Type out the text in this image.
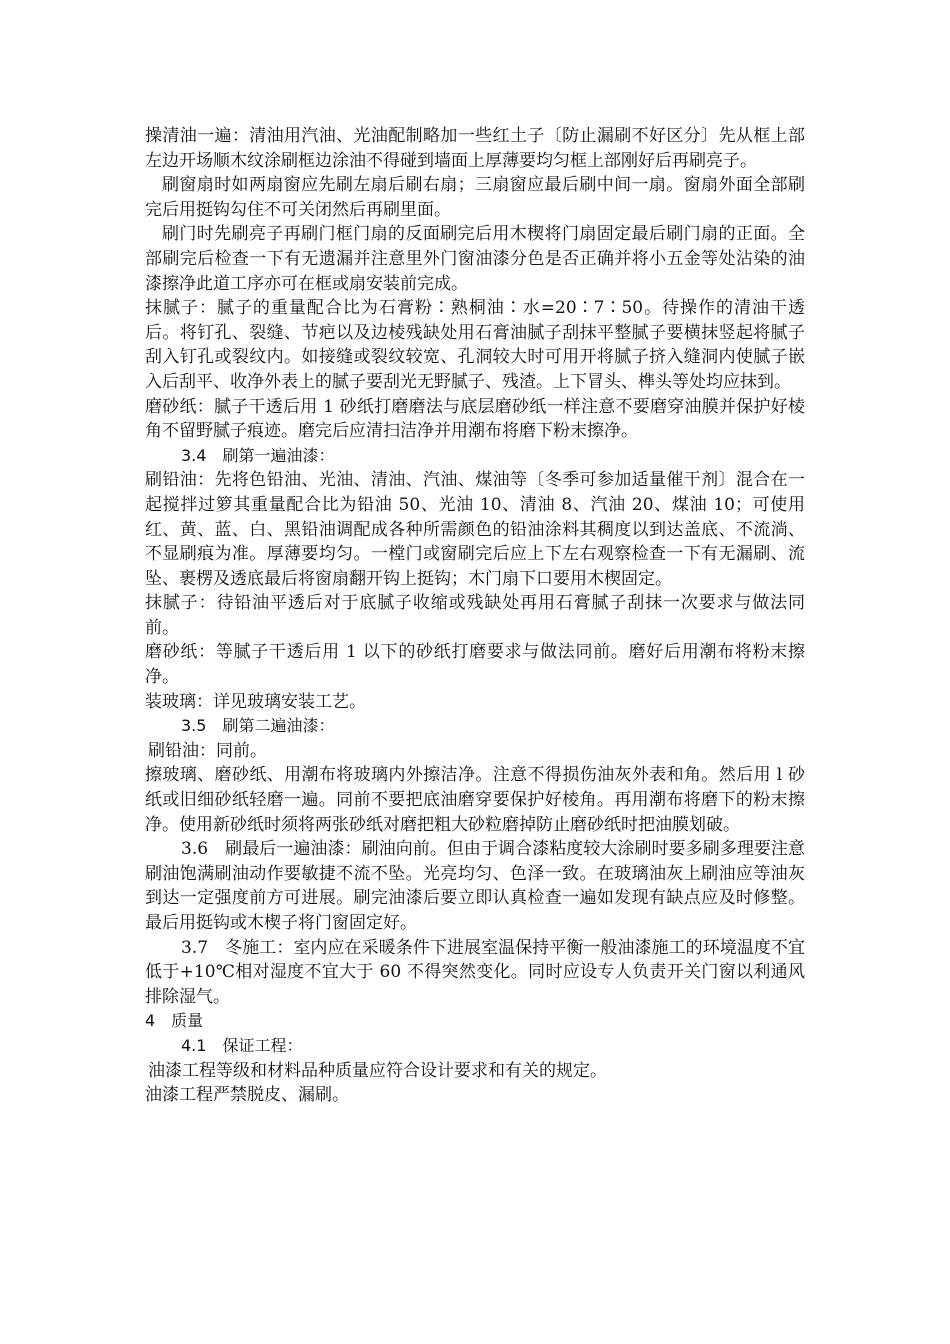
操清油一遍：清油用汽油、光油配制略加一些红土子〔防止漏刷不好区分〕先从框上部左边开场顺木纹涂刷框边涂油不得碰到墙面上厚薄要均匀框上部刚好后再刷亮子。

刷窗扇时如两扇窗应先刷左扇后刷右扇；三扇窗应最后刷中间一扇。窗扇外面全部刷完后用挺钩勾住不可关闭然后再刷里面。

刷门时先刷亮子再刷门框门扇的反面刷完后用木楔将门扇固定最后刷门扇的正面。全部刷完后检查一下有无遗漏并注意里外门窗油漆分色是否正确并将小五金等处沾染的油漆擦净此道工序亦可在框或扇安装前完成。

抹腻子：腻子的重量配合比为石膏粉∶熟桐油∶水=20∶7∶50。待操作的清油干透后。将钉孔、裂缝、节疤以及边棱残缺处用石膏油腻子刮抹平整腻子要横抹竖起将腻子刮入钉孔或裂纹内。如接缝或裂纹较宽、孔洞较大时可用开将腻子挤入缝洞内使腻子嵌入后刮平、收净外表上的腻子要刮光无野腻子、残渣。上下冒头、榫头等处均应抹到。

磨砂纸：腻子干透后用 1 砂纸打磨磨法与底层磨砂纸一样注意不要磨穿油膜并保护好棱角不留野腻子痕迹。磨完后应清扫洁净并用潮布将磨下粉末擦净。

3.4　刷第一遍油漆：

刷铅油：先将色铅油、光油、清油、汽油、煤油等〔冬季可参加适量催干剂〕混合在一起搅拌过箩其重量配合比为铅油 50、光油 10、清油 8、汽油 20、煤油 10；可使用红、黄、蓝、白、黑铅油调配成各种所需颜色的铅油涂料其稠度以到达盖底、不流淌、不显刷痕为准。厚薄要均匀。一樘门或窗刷完后应上下左右观察检查一下有无漏刷、流坠、裹楞及透底最后将窗扇翻开钩上挺钩；木门扇下口要用木楔固定。

抹腻子：待铅油平透后对于底腻子收缩或残缺处再用石膏腻子刮抹一次要求与做法同前。

磨砂纸：等腻子干透后用 1 以下的砂纸打磨要求与做法同前。磨好后用潮布将粉末擦净。

装玻璃：详见玻璃安装工艺。

3.5　刷第二遍油漆：

刷铅油：同前。

擦玻璃、磨砂纸、用潮布将玻璃内外擦洁净。注意不得损伤油灰外表和角。然后用 l 砂纸或旧细砂纸轻磨一遍。同前不要把底油磨穿要保护好棱角。再用潮布将磨下的粉末擦净。使用新砂纸时须将两张砂纸对磨把粗大砂粒磨掉防止磨砂纸时把油膜划破。

3.6　刷最后一遍油漆：刷油向前。但由于调合漆粘度较大涂刷时要多刷多理要注意刷油饱满刷油动作要敏捷不流不坠。光亮均匀、色泽一致。在玻璃油灰上刷油应等油灰到达一定强度前方可进展。刷完油漆后要立即认真检查一遍如发现有缺点应及时修整。最后用挺钩或木楔子将门窗固定好。

3.7　冬施工：室内应在采暖条件下进展室温保持平衡一般油漆施工的环境温度不宜低于+10℃相对湿度不宜大于 60 不得突然变化。同时应设专人负责开关门窗以利通风排除湿气。

4　质量

4.1　保证工程：

油漆工程等级和材料品种质量应符合设计要求和有关的规定。

油漆工程严禁脱皮、漏刷。
